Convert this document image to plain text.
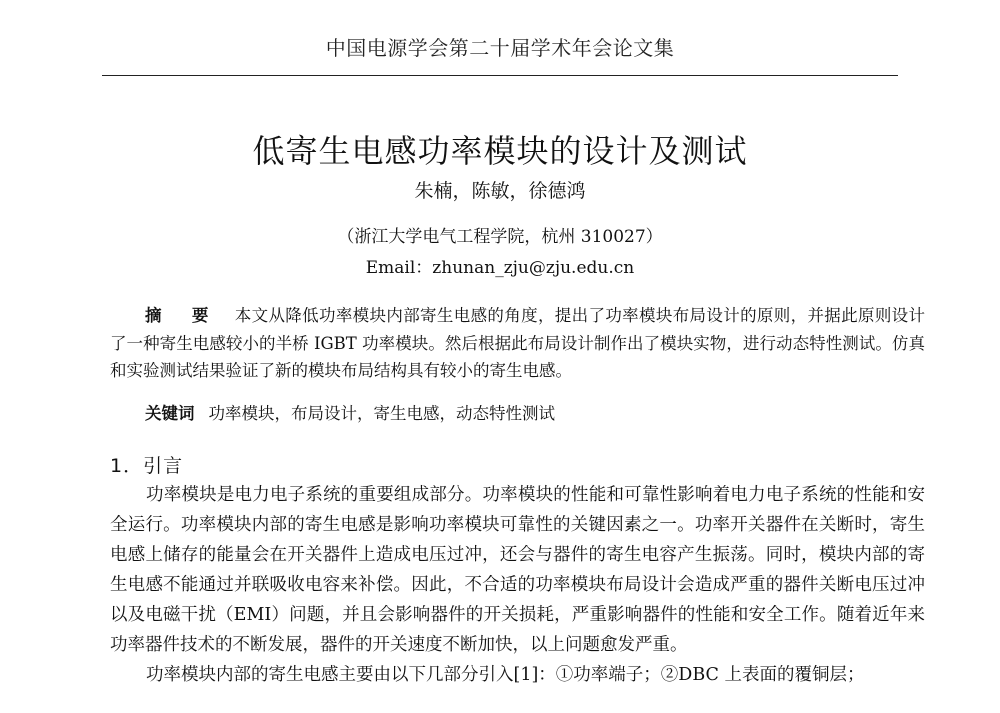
中国电源学会第二十届学术年会论文集
低寄生电感功率模块的设计及测试
朱楠，陈敏，徐德鸿
（浙江大学电气工程学院，杭州 310027）
Email：zhunan_zju@zju.edu.cn
摘 要 本文从降低功率模块内部寄生电感的角度，提出了功率模块布局设计的原则，并据此原则设计了一种寄生电感较小的半桥 IGBT 功率模块。然后根据此布局设计制作出了模块实物，进行动态特性测试。仿真和实验测试结果验证了新的模块布局结构具有较小的寄生电感。
关键词 功率模块，布局设计，寄生电感，动态特性测试
1．引言

功率模块是电力电子系统的重要组成部分。功率模块的性能和可靠性影响着电力电子系统的性能和安全运行。功率模块内部的寄生电感是影响功率模块可靠性的关键因素之一。功率开关器件在关断时，寄生电感上储存的能量会在开关器件上造成电压过冲，还会与器件的寄生电容产生振荡。同时，模块内部的寄生电感不能通过并联吸收电容来补偿。因此，不合适的功率模块布局设计会造成严重的器件关断电压过冲以及电磁干扰（EMI）问题，并且会影响器件的开关损耗，严重影响器件的性能和安全工作。随着近年来功率器件技术的不断发展，器件的开关速度不断加快，以上问题愈发严重。

功率模块内部的寄生电感主要由以下几部分引入[1]：①功率端子；②DBC 上表面的覆铜层；
